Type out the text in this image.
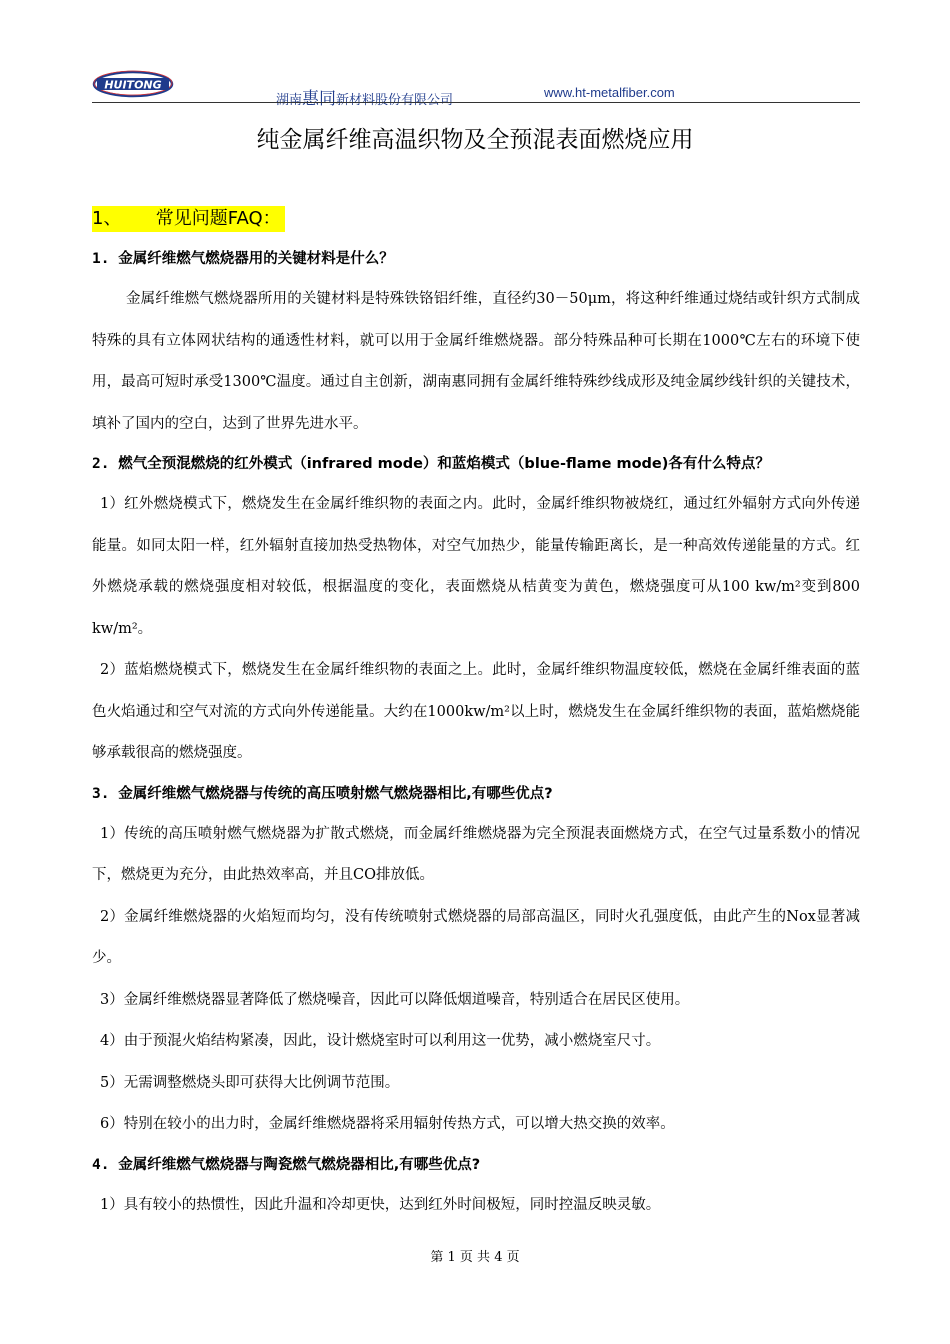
HUITONG
湖南惠同新材料股份有限公司
www.ht-metalfiber.com
纯金属纤维高温织物及全预混表面燃烧应用
1、      常见问题FAQ：
1. 金属纤维燃气燃烧器用的关键材料是什么？

金属纤维燃气燃烧器所用的关键材料是特殊铁铬铝纤维，直径约30－50μm，将这种纤维通过烧结或针织方式制成特殊的具有立体网状结构的通透性材料，就可以用于金属纤维燃烧器。部分特殊品种可长期在1000℃左右的环境下使用，最高可短时承受1300℃温度。通过自主创新，湖南惠同拥有金属纤维特殊纱线成形及纯金属纱线针织的关键技术，填补了国内的空白，达到了世界先进水平。

2. 燃气全预混燃烧的红外模式（infrared mode）和蓝焰模式（blue-flame mode)各有什么特点？

1）红外燃烧模式下，燃烧发生在金属纤维织物的表面之内。此时，金属纤维织物被烧红，通过红外辐射方式向外传递能量。如同太阳一样，红外辐射直接加热受热物体，对空气加热少，能量传输距离长，是一种高效传递能量的方式。红外燃烧承载的燃烧强度相对较低，根据温度的变化，表面燃烧从桔黄变为黄色，燃烧强度可从100 kw/m²变到800 kw/m²。

2）蓝焰燃烧模式下，燃烧发生在金属纤维织物的表面之上。此时，金属纤维织物温度较低，燃烧在金属纤维表面的蓝色火焰通过和空气对流的方式向外传递能量。大约在1000kw/m²以上时，燃烧发生在金属纤维织物的表面，蓝焰燃烧能够承载很高的燃烧强度。

3. 金属纤维燃气燃烧器与传统的高压喷射燃气燃烧器相比,有哪些优点?

1）传统的高压喷射燃气燃烧器为扩散式燃烧，而金属纤维燃烧器为完全预混表面燃烧方式，在空气过量系数小的情况下，燃烧更为充分，由此热效率高，并且CO排放低。

2）金属纤维燃烧器的火焰短而均匀，没有传统喷射式燃烧器的局部高温区，同时火孔强度低，由此产生的Nox显著减少。

3）金属纤维燃烧器显著降低了燃烧噪音，因此可以降低烟道噪音，特别适合在居民区使用。

4）由于预混火焰结构紧凑，因此，设计燃烧室时可以利用这一优势，减小燃烧室尺寸。

5）无需调整燃烧头即可获得大比例调节范围。

6）特别在较小的出力时，金属纤维燃烧器将采用辐射传热方式，可以增大热交换的效率。

4. 金属纤维燃气燃烧器与陶瓷燃气燃烧器相比,有哪些优点?

1）具有较小的热惯性，因此升温和冷却更快，达到红外时间极短，同时控温反映灵敏。

第 1 页 共 4 页
